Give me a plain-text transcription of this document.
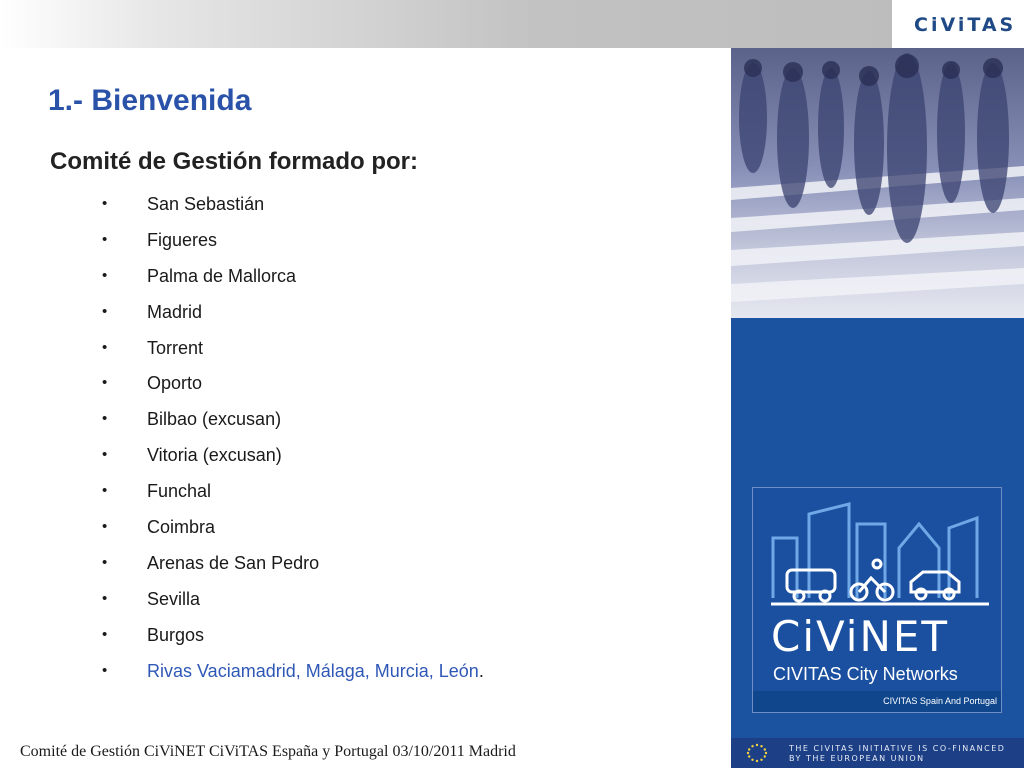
CiViTAS
1.- Bienvenida
Comité de Gestión formado por:
• San Sebastián
• Figueres
• Palma de Mallorca
• Madrid
• Torrent
• Oporto
• Bilbao (excusan)
• Vitoria (excusan)
• Funchal
• Coimbra
• Arenas de San Pedro
• Sevilla
• Burgos
• Rivas Vaciamadrid, Málaga, Murcia, León.
CiViNET
CIVITAS City Networks
CIVITAS Spain And Portugal
Comité de Gestión CiViNET CiViTAS España y Portugal 03/10/2011 Madrid	THE CIVITAS INITIATIVE IS CO-FINANCED
BY THE EUROPEAN UNION
